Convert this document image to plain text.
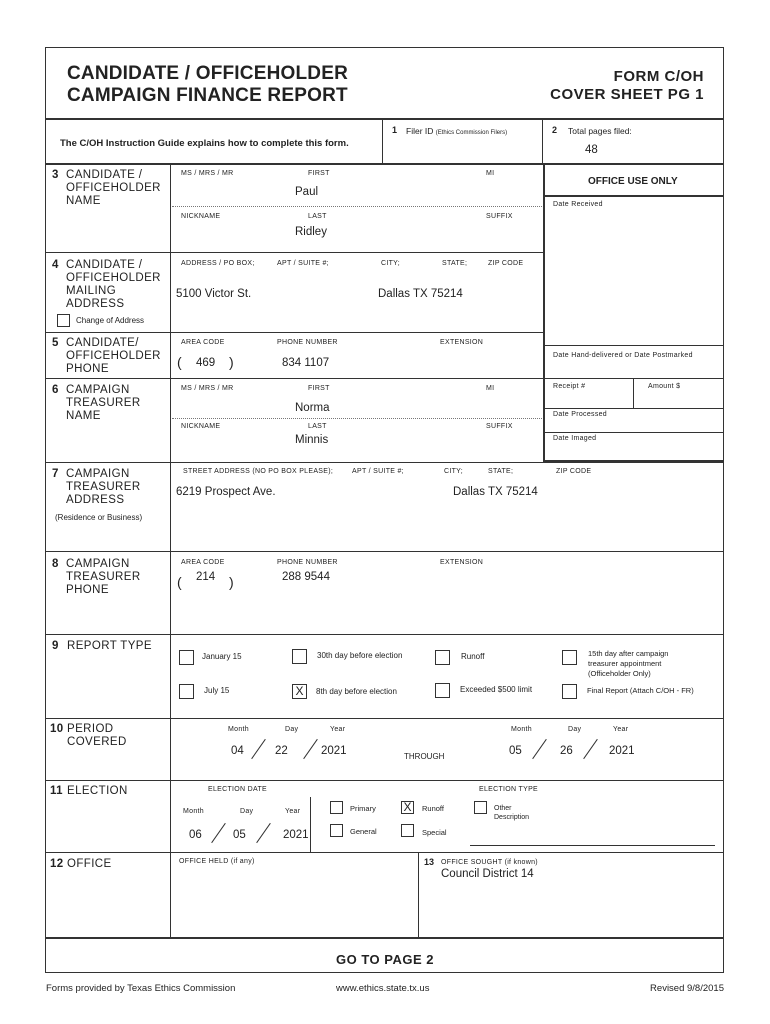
CANDIDATE / OFFICEHOLDER
CAMPAIGN FINANCE REPORT
FORM C/OH
COVER SHEET PG 1
The C/OH Instruction Guide explains how to complete this form.
1 Filer ID (Ethics Commission Filers)	2 Total pages filed:
48
OFFICE USE ONLY
Date Received
Date Hand-delivered or Date Postmarked
Receipt #	Amount $
Date Processed
Date Imaged
3 CANDIDATE /
OFFICEHOLDER
NAME
MS / MRS / MR	FIRST	MI
Paul
NICKNAME	LAST	SUFFIX
Ridley
4 CANDIDATE /
OFFICEHOLDER
MAILING
ADDRESS
Change of Address
ADDRESS / PO BOX;	APT / SUITE #;	CITY;	STATE;	ZIP CODE
5100 Victor St.	Dallas TX 75214
5 CANDIDATE/
OFFICEHOLDER
PHONE
AREA CODE	PHONE NUMBER	EXTENSION
( 469 )	834 1107
6 CAMPAIGN
TREASURER
NAME
MS / MRS / MR	FIRST	MI
Norma
NICKNAME	LAST	SUFFIX
Minnis
7 CAMPAIGN
TREASURER
ADDRESS
(Residence or Business)
STREET ADDRESS (NO PO BOX PLEASE);	APT / SUITE #;	CITY;	STATE;	ZIP CODE
6219 Prospect Ave.	Dallas TX 75214
8 CAMPAIGN
TREASURER
PHONE
AREA CODE	PHONE NUMBER	EXTENSION
( 214 )	288 9544
9 REPORT TYPE
January 15	30th day before election	Runoff	15th day after campaign
treasurer appointment
(Officeholder Only)
July 15	X	8th day before election	Exceeded $500 limit	Final Report (Attach C/OH - FR)
10 PERIOD
COVERED
Month	Day	Year
04	22	2021	THROUGH
Month	Day	Year
05	26	2021
11 ELECTION	ELECTION DATE
Month	Day	Year
06	05	2021
ELECTION TYPE
Primary X	Runoff	Other
Description
General	Special
12 OFFICE	OFFICE HELD (if any)	13 OFFICE SOUGHT (if known)
Council District 14
GO TO PAGE 2
Forms provided by Texas Ethics Commission	www.ethics.state.tx.us	Revised 9/8/2015
